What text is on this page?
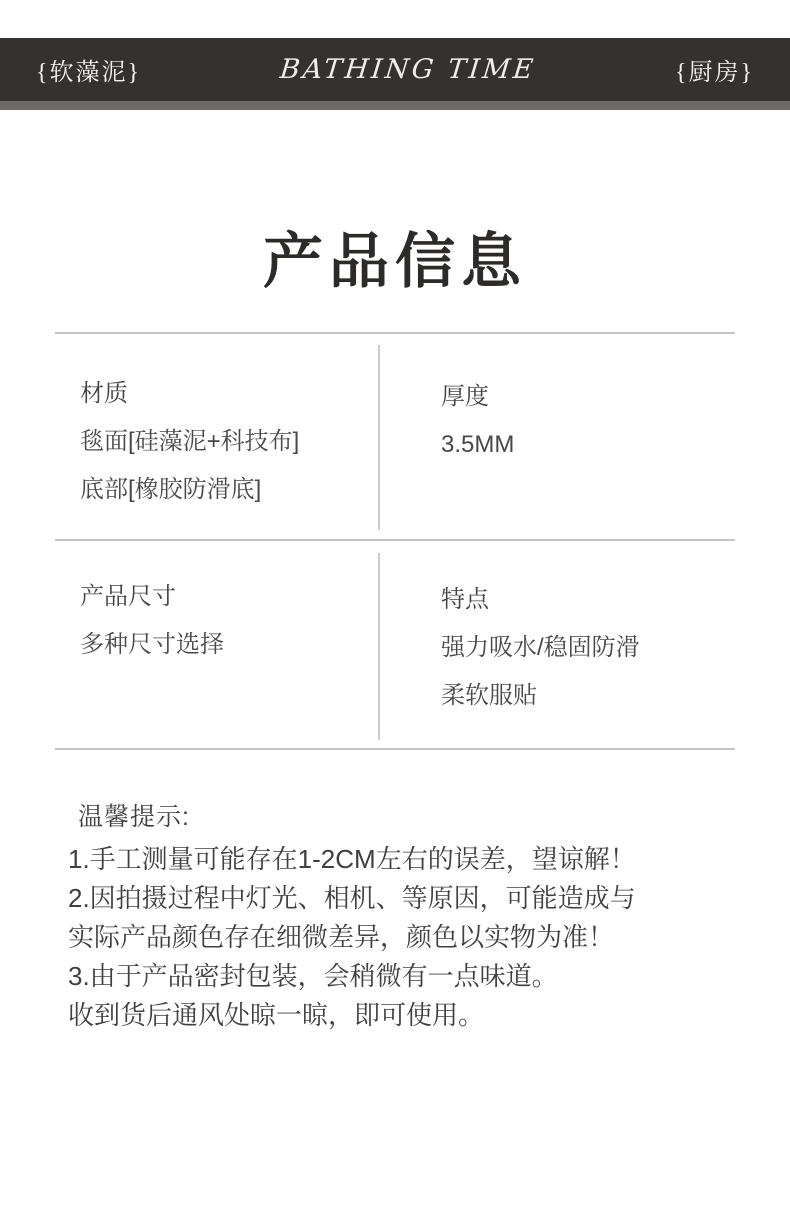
{软藻泥}	BATHING TIME	{厨房}
产品信息
材质
毯面[硅藻泥+科技布]
底部[橡胶防滑底]
厚度
3.5MM
产品尺寸
多种尺寸选择
特点
强力吸水/稳固防滑
柔软服贴
温馨提示:
1.手工测量可能存在1-2CM左右的误差，望谅解！
2.因拍摄过程中灯光、相机、等原因，可能造成与
实际产品颜色存在细微差异，颜色以实物为准！
3.由于产品密封包装，会稍微有一点味道。
收到货后通风处晾一晾，即可使用。
